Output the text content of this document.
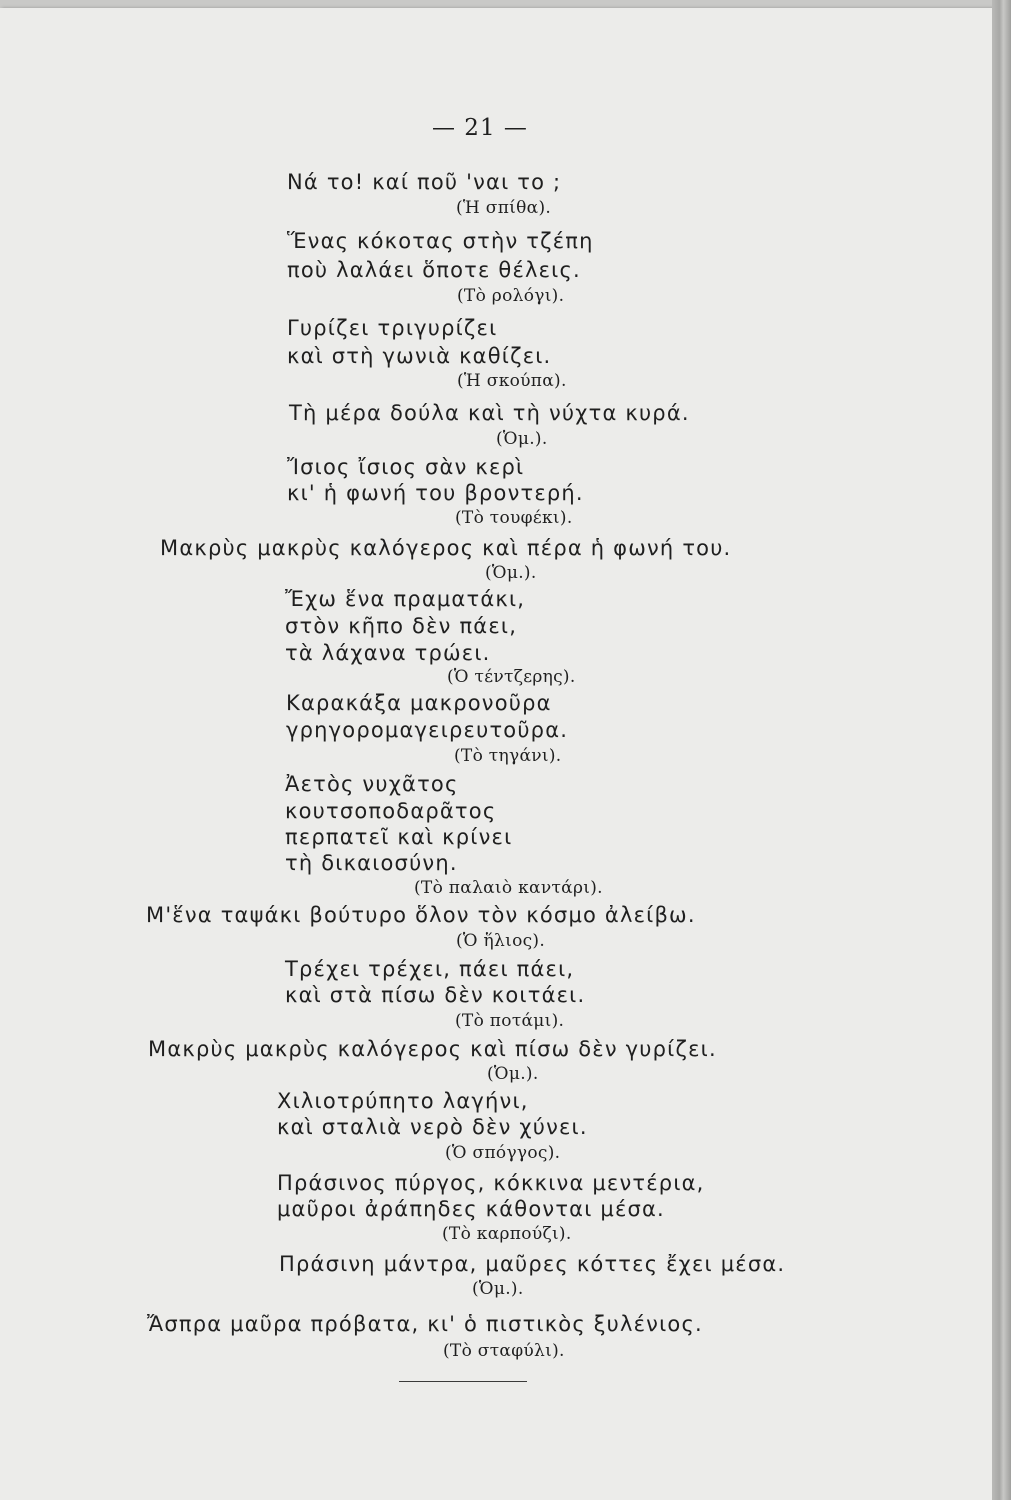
— 21 —
Νά το! καί ποῦ 'ναι το ;
(Ἡ σπίθα).
Ἕνας κόκοτας στὴν τζέπη
ποὺ λαλάει ὅποτε θέλεις.
(Τὸ ρολόγι).
Γυρίζει τριγυρίζει
καὶ στὴ γωνιὰ καθίζει.
(Ἡ σκούπα).
Τὴ μέρα δούλα καὶ τὴ νύχτα κυρά.
(Ὁμ.).
Ἴσιος ἴσιος σὰν κερὶ
κι' ἡ φωνή του βροντερή.
(Τὸ τουφέκι).
Μακρὺς μακρὺς καλόγερος καὶ πέρα ἡ φωνή του.
(Ὁμ.).
Ἔχω ἕνα πραματάκι,
στὸν κῆπο δὲν πάει,
τὰ λάχανα τρώει.
(Ὁ τέντζερης).
Καρακάξα μακρονοῦρα
γρηγορομαγειρευτοῦρα.
(Τὸ τηγάνι).
Ἀετὸς νυχᾶτος
κουτσοποδαρᾶτος
περπατεῖ καὶ κρίνει
τὴ δικαιοσύνη.
(Τὸ παλαιὸ καντάρι).
Μ'ἕνα ταψάκι βούτυρο ὅλον τὸν κόσμο ἀλείβω.
(Ὁ ἥλιος).
Τρέχει τρέχει, πάει πάει,
καὶ στὰ πίσω δὲν κοιτάει.
(Τὸ ποτάμι).
Μακρὺς μακρὺς καλόγερος καὶ πίσω δὲν γυρίζει.
(Ὁμ.).
Χιλιοτρύπητο λαγήνι,
καὶ σταλιὰ νερὸ δὲν χύνει.
(Ὁ σπόγγος).
Πράσινος πύργος, κόκκινα μεντέρια,
μαῦροι ἀράπηδες κάθονται μέσα.
(Τὸ καρπούζι).
Πράσινη μάντρα, μαῦρες κόττες ἔχει μέσα.
(Ὁμ.).
Ἄσπρα μαῦρα πρόβατα, κι' ὁ πιστικὸς ξυλένιος.
(Τὸ σταφύλι).
